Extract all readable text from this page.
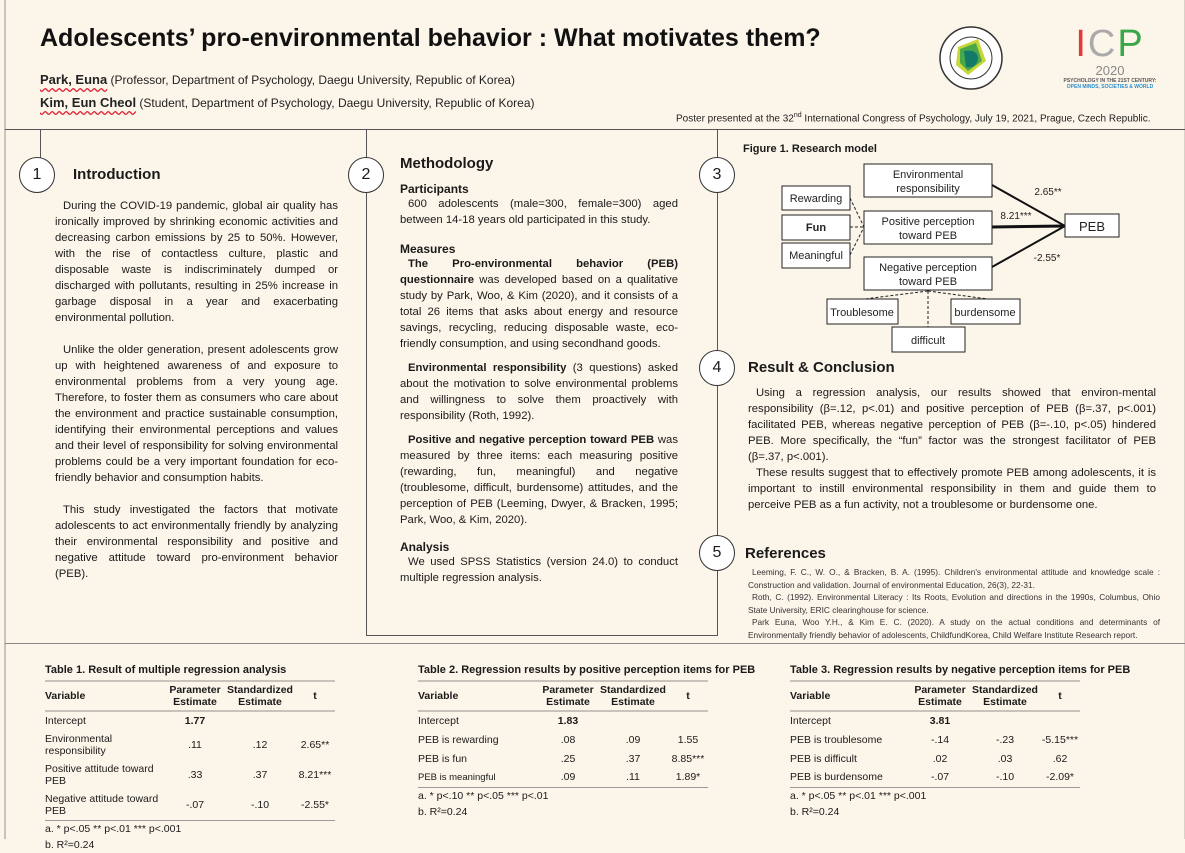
Adolescents’ pro-environmental behavior : What motivates them?
Park, Euna (Professor, Department of Psychology, Daegu University, Republic of Korea)
Kim, Eun Cheol (Student, Department of Psychology, Daegu University, Republic of Korea)
Poster presented at the 32nd International Congress of Psychology, July 19, 2021, Prague, Czech Republic.
ICP
2020
PSYCHOLOGY IN THE 21ST CENTURY:
OPEN MINDS, SOCIETIES & WORLD
1	Introduction

During the COVID-19 pandemic, global air quality has ironically improved by shrinking economic activities and decreasing carbon emissions by 25 to 50%. However, with the rise of contactless culture, plastic and disposable waste is indiscriminately dumped or discharged with pollutants, resulting in 25% increase in garbage disposal in a year and exacerbating environmental pollution.

Unlike the older generation, present adolescents grow up with heightened awareness of and exposure to environmental problems from a very young age. Therefore, to foster them as consumers who care about the environment and practice sustainable consumption, identifying their environmental perceptions and values and their level of responsibility for solving environmental problems could be a very important foundation for eco-friendly behavior and consumption habits.

This study investigated the factors that motivate adolescents to act environmentally friendly by analyzing their environmental responsibility and positive and negative attitude toward pro-environment behavior (PEB).

2
Methodology
Participants

600 adolescents (male=300, female=300) aged between 14-18 years old participated in this study.

Measures

The Pro-environmental behavior (PEB) questionnaire was developed based on a qualitative study by Park, Woo, & Kim (2020), and it consists of a total 26 items that asks about energy and resource savings, recycling, reducing disposable waste, eco-friendly consumption, and using secondhand goods.

Environmental responsibility (3 questions) asked about the motivation to solve environmental problems and willingness to solve them proactively with responsibility (Roth, 1992).

Positive and negative perception toward PEB was measured by three items: each measuring positive (rewarding, fun, meaningful) and negative (troublesome, difficult, burdensome) attitudes, and the perception of PEB (Leeming, Dwyer, & Bracken, 1995; Park, Woo, & Kim, 2020).

Analysis

We used SPSS Statistics (version 24.0) to conduct multiple regression analysis.

3
Figure 1. Research model
Environmental
responsibility
Rewarding
Fun
Meaningful
Positive perception
toward PEB
PEB
Negative perception
toward PEB
Troublesome	burdensome
difficult
2.65**
8.21***
-2.55*
4	Result & Conclusion

Using a regression analysis, our results showed that environ-mental responsibility (β=.12, p<.01) and positive perception of PEB (β=.37, p<.001) facilitated PEB, whereas negative perception of PEB (β=-.10, p<.05) hindered PEB. More specifically, the “fun” factor was the strongest facilitator of PEB (β=.37, p<.001).

These results suggest that to effectively promote PEB among adolescents, it is important to instill environmental responsibility in them and guide them to perceive PEB as a fun activity, not a troublesome or burdensome one.

5	References

Leeming, F. C., W. O., & Bracken, B. A. (1995). Children's environmental attitude and knowledge scale : Construction and validation. Journal of environmental Education, 26(3), 22-31.

Roth, C. (1992). Environmental Literacy : Its Roots, Evolution and directions in the 1990s, Columbus, Ohio State University, ERIC clearinghouse for science.

Park Euna, Woo Y.H., & Kim E. C. (2020). A study on the actual conditions and determinants of Environmentally friendly behavior of adolescents, ChildfundKorea, Child Welfare Institute Research report.

Table 1. Result of multiple regression analysis
Variable	Parameter Estimate	Standardized Estimate	t
Intercept	1.77		
Environmental responsibility	.11	.12	2.65**
Positive attitude toward PEB	.33	.37	8.21***
Negative attitude toward PEB	-.07	-.10	-2.55*
a. * p<.05 ** p<.01 *** p<.001
b. R²=0.24
Table 2. Regression results by positive perception items for PEB
Variable	Parameter Estimate	Standardized Estimate	t
Intercept	1.83		
PEB is rewarding	.08	.09	1.55
PEB is fun	.25	.37	8.85***
PEB is meaningful	.09	.11	1.89*
a. * p<.10 ** p<.05 *** p<.01
b. R²=0.24
Table 3. Regression results by negative perception items for PEB
Variable	Parameter Estimate	Standardized Estimate	t
Intercept	3.81		
PEB is troublesome	-.14	-.23	-5.15***
PEB is difficult	.02	.03	.62
PEB is burdensome	-.07	-.10	-2.09*
a. * p<.05 ** p<.01 *** p<.001
b. R²=0.24
